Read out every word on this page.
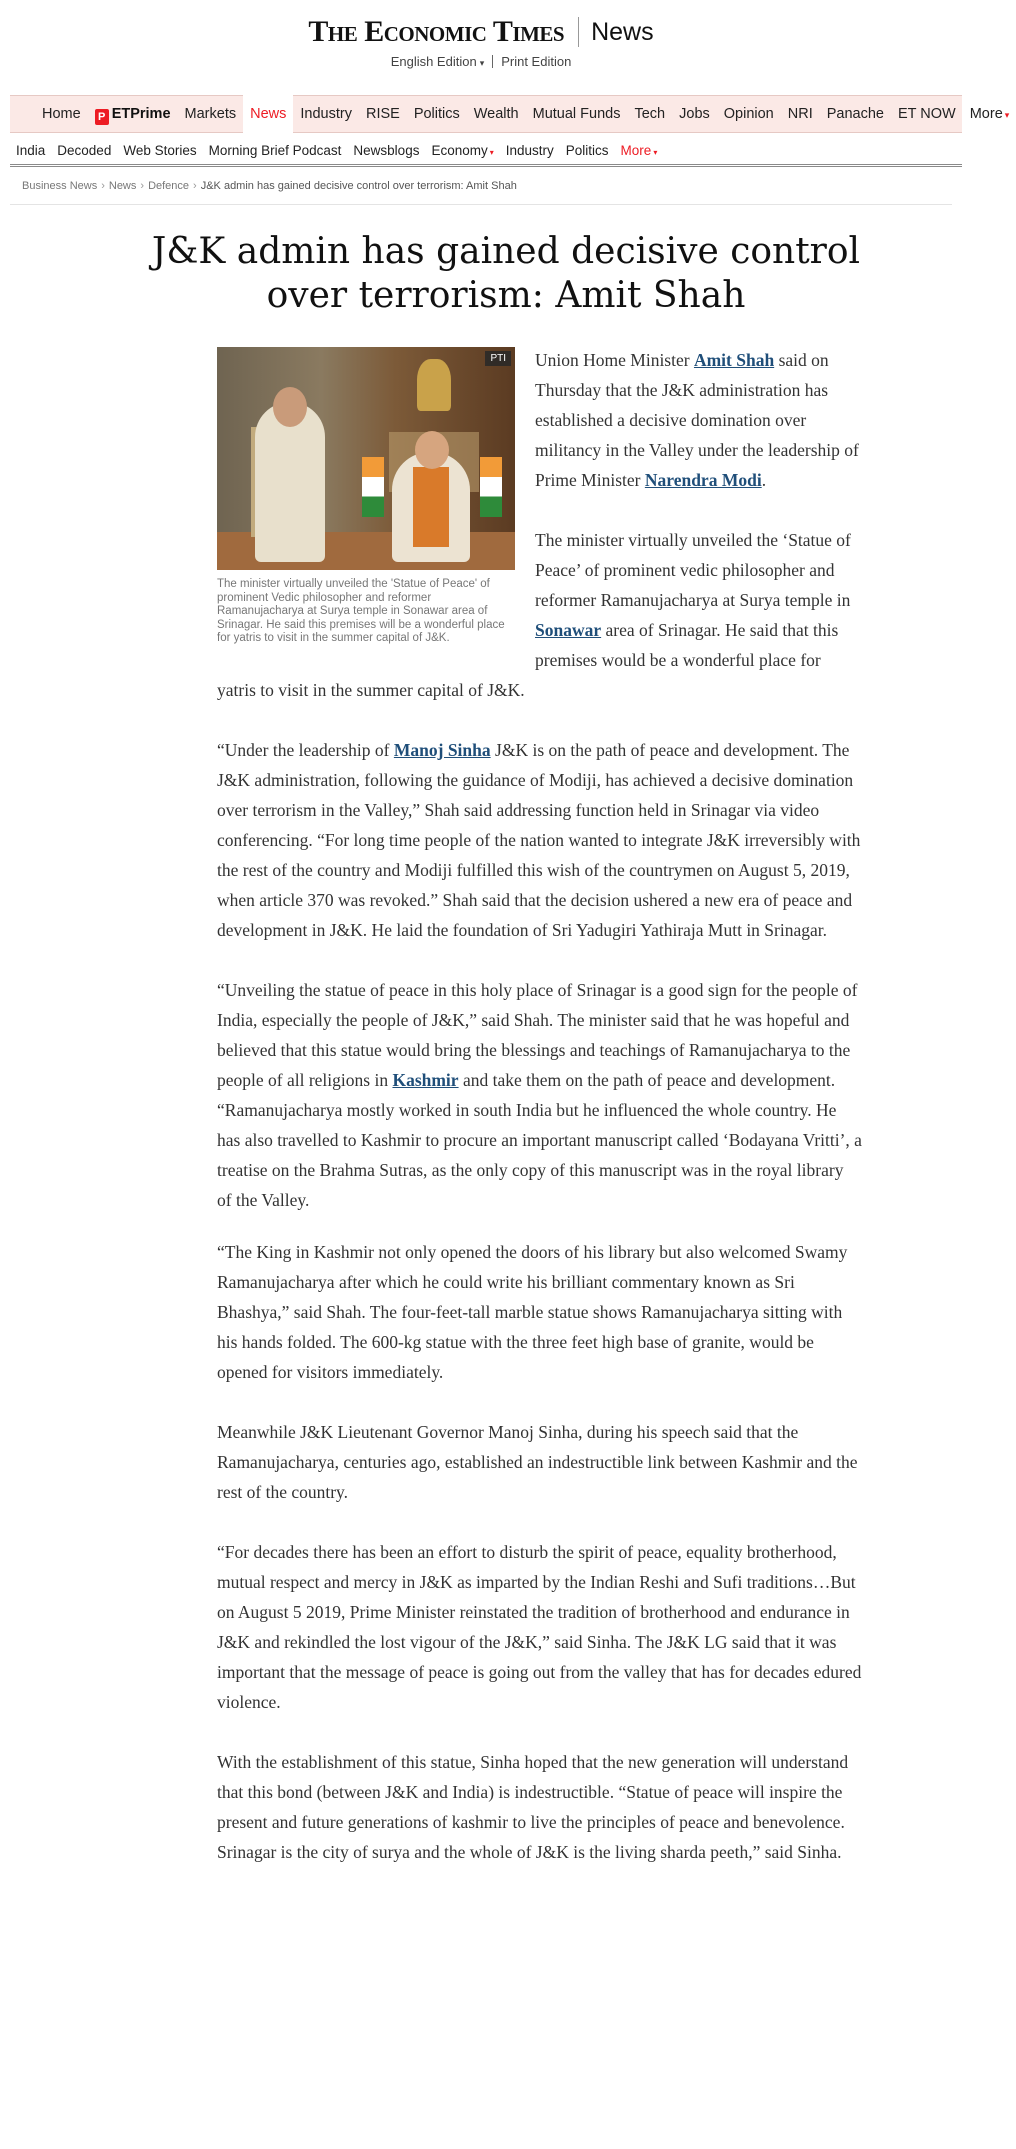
The Economic Times News
English Edition ▾ Print Edition
Home	P ETPrime Markets News Industry RISE Politics Wealth Mutual Funds Tech Jobs Opinion NRI Panache ET NOW More ▾
India Decoded Web Stories Morning Brief Podcast Newsblogs Economy ▾ Industry Politics More ▾
Business News › News › Defence › J&K admin has gained decisive control over terrorism: Amit Shah
J&K admin has gained decisive control over terrorism: Amit Shah
PTI
The minister virtually unveiled the 'Statue of Peace' of prominent Vedic philosopher and reformer Ramanujacharya at Surya temple in Sonawar area of Srinagar. He said this premises will be a wonderful place for yatris to visit in the summer capital of J&K.

Union Home Minister Amit Shah said on Thursday that the J&K administration has established a decisive domination over militancy in the Valley under the leadership of Prime Minister Narendra Modi.

The minister virtually unveiled the ‘Statue of Peace’ of prominent vedic philosopher and reformer Ramanujacharya at Surya temple in Sonawar area of Srinagar. He said that this premises would be a wonderful place for yatris to visit in the summer capital of J&K.

“Under the leadership of Manoj Sinha J&K is on the path of peace and development. The J&K administration, following the guidance of Modiji, has achieved a decisive domination over terrorism in the Valley,” Shah said addressing function held in Srinagar via video conferencing. “For long time people of the nation wanted to integrate J&K irreversibly with the rest of the country and Modiji fulfilled this wish of the countrymen on August 5, 2019, when article 370 was revoked.” Shah said that the decision ushered a new era of peace and development in J&K. He laid the foundation of Sri Yadugiri Yathiraja Mutt in Srinagar.

“Unveiling the statue of peace in this holy place of Srinagar is a good sign for the people of India, especially the people of J&K,” said Shah. The minister said that he was hopeful and believed that this statue would bring the blessings and teachings of Ramanujacharya to the people of all religions in Kashmir and take them on the path of peace and development. “Ramanujacharya mostly worked in south India but he influenced the whole country. He has also travelled to Kashmir to procure an important manuscript called ‘Bodayana Vritti’, a treatise on the Brahma Sutras, as the only copy of this manuscript was in the royal library of the Valley.

“The King in Kashmir not only opened the doors of his library but also welcomed Swamy Ramanujacharya after which he could write his brilliant commentary known as Sri Bhashya,” said Shah. The four-feet-tall marble statue shows Ramanujacharya sitting with his hands folded. The 600-kg statue with the three feet high base of granite, would be opened for visitors immediately.

Meanwhile J&K Lieutenant Governor Manoj Sinha, during his speech said that the Ramanujacharya, centuries ago, established an indestructible link between Kashmir and the rest of the country.

“For decades there has been an effort to disturb the spirit of peace, equality brotherhood, mutual respect and mercy in J&K as imparted by the Indian Reshi and Sufi traditions…But on August 5 2019, Prime Minister reinstated the tradition of brotherhood and endurance in J&K and rekindled the lost vigour of the J&K,” said Sinha. The J&K LG said that it was important that the message of peace is going out from the valley that has for decades edured violence.

With the establishment of this statue, Sinha hoped that the new generation will understand that this bond (between J&K and India) is indestructible. “Statue of peace will inspire the present and future generations of kashmir to live the principles of peace and benevolence. Srinagar is the city of surya and the whole of J&K is the living sharda peeth,” said Sinha.
